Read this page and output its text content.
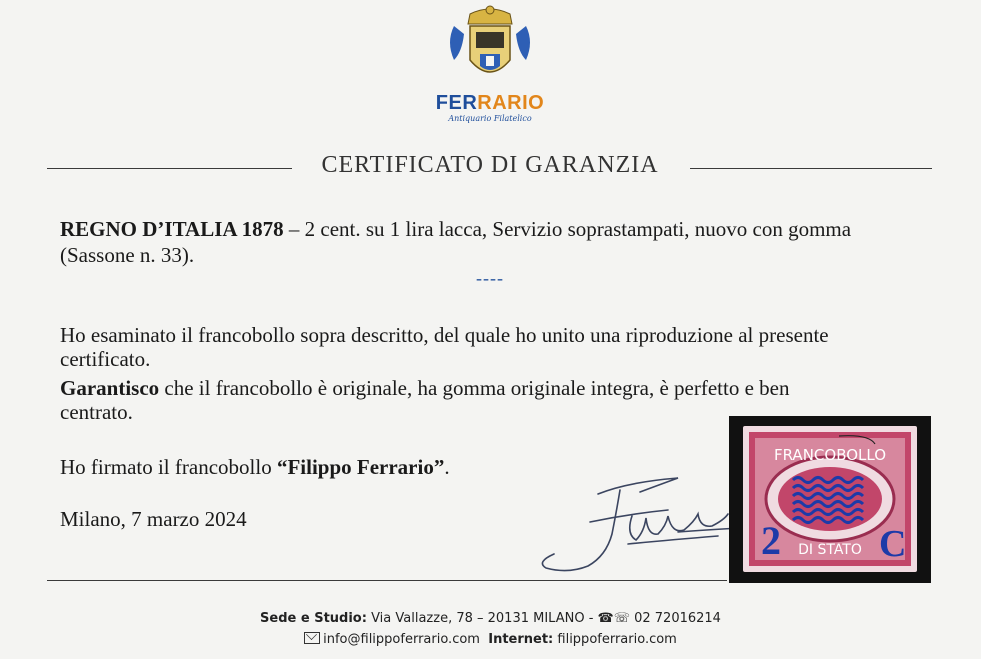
FERRARIO
Antiquario Filatelico
CERTIFICATO DI GARANZIA
REGNO D’ITALIA 1878 – 2 cent. su 1 lira lacca, Servizio soprastampati, nuovo con gomma
(Sassone n. 33).
----
Ho esaminato il francobollo sopra descritto, del quale ho unito una riproduzione al presente
certificato.
Garantisco che il francobollo è originale, ha gomma originale integra, è perfetto e ben
centrato.
Ho firmato il francobollo “Filippo Ferrario”.
Milano, 7 marzo 2024
FRANCOBOLLO
DI STATO
2	C
Sede e Studio: Via Vallazze, 78 – 20131 MILANO - ☎☏ 02 72016214
info@filippoferrario.com Internet: filippoferrario.com
